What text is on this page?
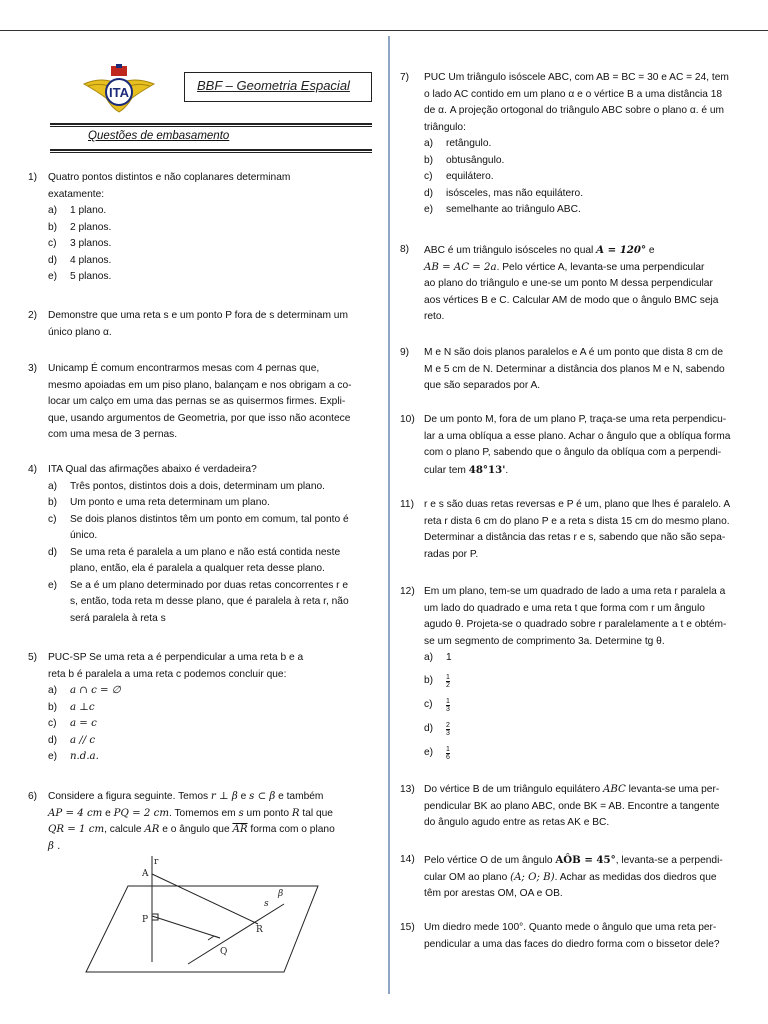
ITA	BBF – Geometria Espacial
Questões de embasamento
1) Quatro pontos distintos e não coplanares determinam
exatamente:
a)	1 plano.
b)	2 planos.
c)	3 planos.
d)	4 planos.
e)	5 planos.
2) Demonstre que uma reta s e um ponto P fora de s determinam um
único plano α.
3) Unicamp É comum encontrarmos mesas com 4 pernas que,
mesmo apoiadas em um piso plano, balançam e nos obrigam a co-
locar um calço em uma das pernas se as quisermos firmes. Expli-
que, usando argumentos de Geometria, por que isso não acontece
com uma mesa de 3 pernas.
4) ITA Qual das afirmações abaixo é verdadeira?
a)	Três pontos, distintos dois a dois, determinam um plano.
b)	Um ponto e uma reta determinam um plano.
c)	Se dois planos distintos têm um ponto em comum, tal ponto é
único.
d)	Se uma reta é paralela a um plano e não está contida neste
plano, então, ela é paralela a qualquer reta desse plano.
e)	Se a é um plano determinado por duas retas concorrentes r e
s, então, toda reta m desse plano, que é paralela à reta r, não
será paralela à reta s
5) PUC-SP Se uma reta a é perpendicular a uma reta b e a
reta b é paralela a uma reta c podemos concluir que:
a)	a ∩ c = ∅
b)	a ⊥c
c)	a = c
d)	a // c
e)	n.d.a.
6) Considere a figura seguinte. Temos r ⊥ β e s ⊂ β e também
AP = 4 cm e PQ = 2 cm. Tomemos em s um ponto R tal que
QR = 1 cm, calcule AR e o ângulo que $\overline{AR}$ forma com o plano
β .
r
A
P
s
β
R
Q
7) PUC Um triângulo isóscele ABC, com AB = BC = 30 e AC = 24, tem
o lado AC contido em um plano α e o vértice B a uma distância 18
de α. A projeção ortogonal do triângulo ABC sobre o plano α. é um
triângulo:
a)	retângulo.
b)	obtusângulo.
c)	equilátero.
d)	isósceles, mas não equilátero.
e)	semelhante ao triângulo ABC.
8) ABC é um triângulo isósceles no qual A = 120° e
AB = AC = 2a. Pelo vértice A, levanta-se uma perpendicular
ao plano do triângulo e une-se um ponto M dessa perpendicular
aos vértices B e C. Calcular AM de modo que o ângulo BMC seja
reto.
9) M e N são dois planos paralelos e A é um ponto que dista 8 cm de
M e 5 cm de N. Determinar a distância dos planos M e N, sabendo
que são separados por A.
10) De um ponto M, fora de um plano P, traça-se uma reta perpendicu-
lar a uma oblíqua a esse plano. Achar o ângulo que a oblíqua forma
com o plano P, sabendo que o ângulo da oblíqua com a perpendi-
cular tem 48°13'.
11) r e s são duas retas reversas e P é um, plano que lhes é paralelo. A
reta r dista 6 cm do plano P e a reta s dista 15 cm do mesmo plano.
Determinar a distância das retas r e s, sabendo que não são sepa-
radas por P.
12) Em um plano, tem-se um quadrado de lado a uma reta r paralela a
um lado do quadrado e uma reta t que forma com r um ângulo
agudo θ. Projeta-se o quadrado sobre r paralelamente a t e obtém-
se um segmento de comprimento 3a. Determine tg θ.
a)	1
b)	$\frac{1}{2}$
c)	$\frac{1}{3}$
d)	$\frac{2}{3}$
e)	$\frac{1}{6}$
13) Do vértice B de um triângulo equilátero ABC levanta-se uma per-
pendicular BK ao plano ABC, onde BK = AB. Encontre a tangente
do ângulo agudo entre as retas AK e BC.
14) Pelo vértice O de um ângulo AÔB = 45°, levanta-se a perpendi-
cular OM ao plano (A; O; B). Achar as medidas dos diedros que
têm por arestas OM, OA e OB.
15) Um diedro mede 100°. Quanto mede o ângulo que uma reta per-
pendicular a uma das faces do diedro forma com o bissetor dele?
